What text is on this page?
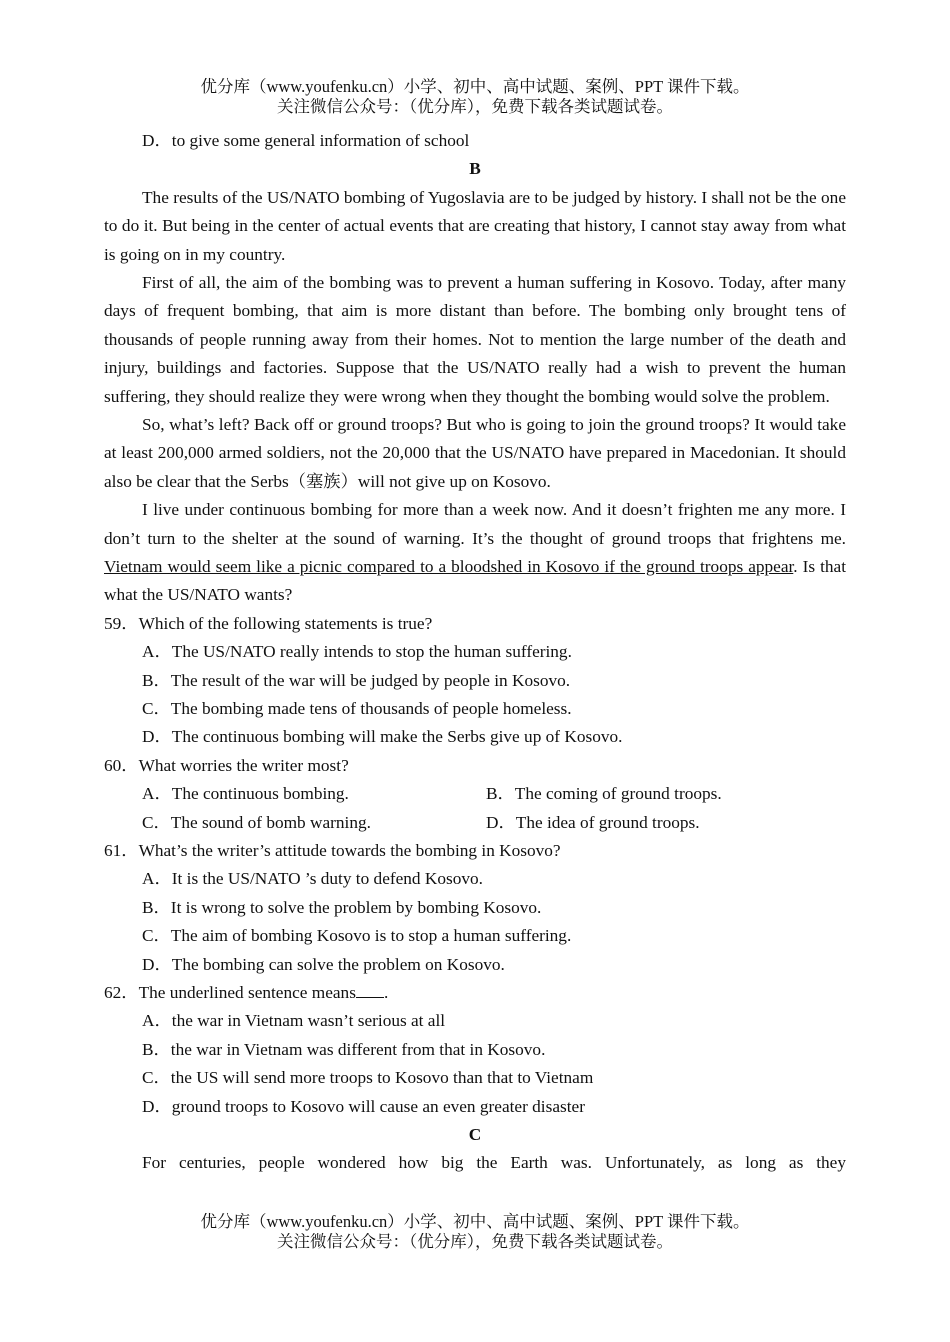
优分库（www.youfenku.cn）小学、初中、高中试题、案例、PPT 课件下载。
关注微信公众号：（优分库），免费下载各类试题试卷。
D．to give some general information of school
B

The results of the US/NATO bombing of Yugoslavia are to be judged by history. I shall not be the one to do it. But being in the center of actual events that are creating that history, I cannot stay away from what is going on in my country.

First of all, the aim of the bombing was to prevent a human suffering in Kosovo. Today, after many days of frequent bombing, that aim is more distant than before. The bombing only brought tens of thousands of people running away from their homes. Not to mention the large number of the death and injury, buildings and factories. Suppose that the US/NATO really had a wish to prevent the human suffering, they should realize they were wrong when they thought the bombing would solve the problem.

So, what’s left? Back off or ground troops? But who is going to join the ground troops? It would take at least 200,000 armed soldiers, not the 20,000 that the US/NATO have prepared in Macedonian. It should also be clear that the Serbs（塞族）will not give up on Kosovo.

I live under continuous bombing for more than a week now. And it doesn’t frighten me any more. I don’t turn to the shelter at the sound of warning. It’s the thought of ground troops that frightens me. Vietnam would seem like a picnic compared to a bloodshed in Kosovo if the ground troops appear. Is that what the US/NATO wants?

59．Which of the following statements is true?
A．The US/NATO really intends to stop the human suffering.
B．The result of the war will be judged by people in Kosovo.
C．The bombing made tens of thousands of people homeless.
D．The continuous bombing will make the Serbs give up of Kosovo.
60．What worries the writer most?
A．The continuous bombing.	B．The coming of ground troops.
C．The sound of bomb warning.	D．The idea of ground troops.
61．What’s the writer’s attitude towards the bombing in Kosovo?
A．It is the US/NATO ’s duty to defend Kosovo.
B．It is wrong to solve the problem by bombing Kosovo.
C．The aim of bombing Kosovo is to stop a human suffering.
D．The bombing can solve the problem on Kosovo.
62．The underlined sentence means .
A．the war in Vietnam wasn’t serious at all
B．the war in Vietnam was different from that in Kosovo.
C．the US will send more troops to Kosovo than that to Vietnam
D．ground troops to Kosovo will cause an even greater disaster
C
For centuries, people wondered how big the Earth was. Unfortunately, as long as they
优分库（www.youfenku.cn）小学、初中、高中试题、案例、PPT 课件下载。
关注微信公众号：（优分库），免费下载各类试题试卷。
